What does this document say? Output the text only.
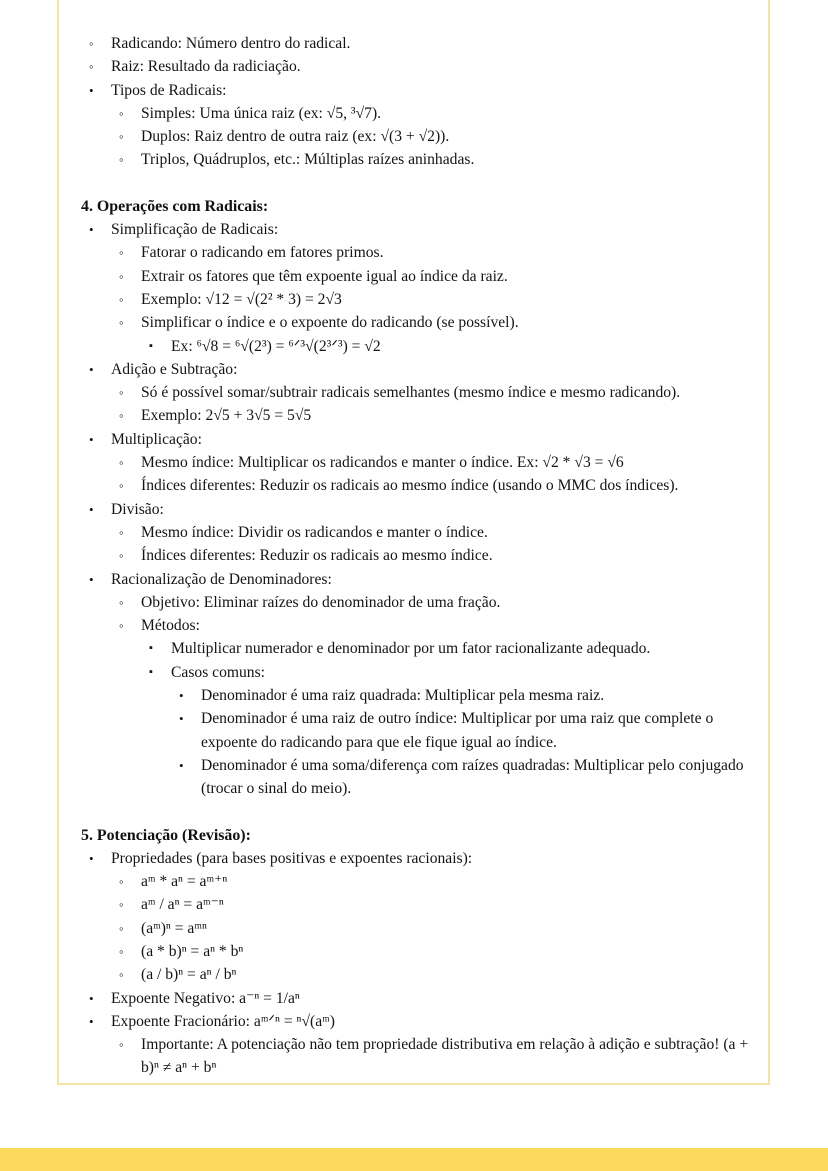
◦	Radicando: Número dentro do radical.
◦	Raiz: Resultado da radiciação.
•	Tipos de Radicais:
◦	Simples: Uma única raiz (ex: √5, ³√7).
◦	Duplos: Raiz dentro de outra raiz (ex: √(3 + √2)).
◦	Triplos, Quádruplos, etc.: Múltiplas raízes aninhadas.
4. Operações com Radicais:
•	Simplificação de Radicais:
◦	Fatorar o radicando em fatores primos.
◦	Extrair os fatores que têm expoente igual ao índice da raiz.
◦	Exemplo: √12 = √(2² * 3) = 2√3
◦	Simplificar o índice e o expoente do radicando (se possível).
▪	Ex: ⁶√8 = ⁶√(2³) = ⁶ᐟ³√(2³ᐟ³) = √2
•	Adição e Subtração:
◦	Só é possível somar/subtrair radicais semelhantes (mesmo índice e mesmo radicando).
◦	Exemplo: 2√5 + 3√5 = 5√5
•	Multiplicação:
◦	Mesmo índice: Multiplicar os radicandos e manter o índice. Ex: √2 * √3 = √6
◦	Índices diferentes: Reduzir os radicais ao mesmo índice (usando o MMC dos índices).
•	Divisão:
◦	Mesmo índice: Dividir os radicandos e manter o índice.
◦	Índices diferentes: Reduzir os radicais ao mesmo índice.
•	Racionalização de Denominadores:
◦	Objetivo: Eliminar raízes do denominador de uma fração.
◦	Métodos:
▪	Multiplicar numerador e denominador por um fator racionalizante adequado.
▪	Casos comuns:
•	Denominador é uma raiz quadrada: Multiplicar pela mesma raiz.
•	Denominador é uma raiz de outro índice: Multiplicar por uma raiz que complete o expoente do radicando para que ele fique igual ao índice.
•	Denominador é uma soma/diferença com raízes quadradas: Multiplicar pelo conjugado (trocar o sinal do meio).
5. Potenciação (Revisão):
•	Propriedades (para bases positivas e expoentes racionais):
◦	aᵐ * aⁿ = aᵐ⁺ⁿ
◦	aᵐ / aⁿ = aᵐ⁻ⁿ
◦	(aᵐ)ⁿ = aᵐⁿ
◦	(a * b)ⁿ = aⁿ * bⁿ
◦	(a / b)ⁿ = aⁿ / bⁿ
•	Expoente Negativo: a⁻ⁿ = 1/aⁿ
•	Expoente Fracionário: aᵐᐟⁿ = ⁿ√(aᵐ)
◦	Importante: A potenciação não tem propriedade distributiva em relação à adição e subtração! (a + b)ⁿ ≠ aⁿ + bⁿ
